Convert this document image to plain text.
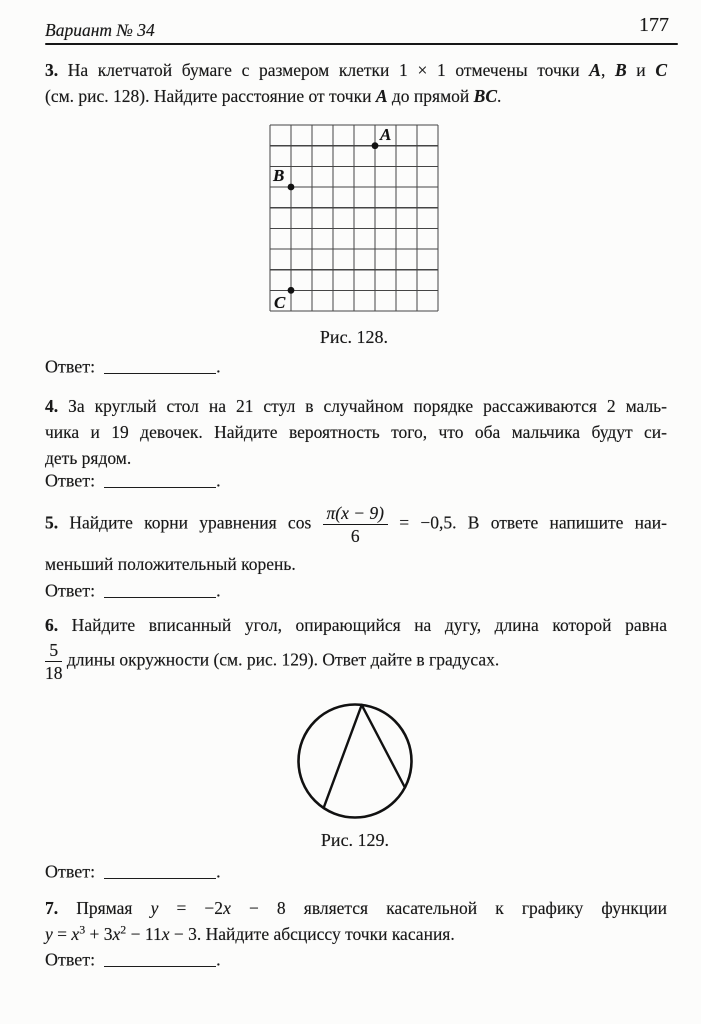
Вариант № 34	177
3. На клетчатой бумаге с размером клетки 1 × 1 отмечены точки A, B и C
(см. рис. 128). Найдите расстояние от точки A до прямой BC.
A
B
C
Рис. 128.
Ответ:	.
4. За круглый стол на 21 стул в случайном порядке рассаживаются 2 маль-
чика и 19 девочек. Найдите вероятность того, что оба мальчика будут си-
деть рядом.
Ответ:	.
5. Найдите корни уравнения $\cos \frac{\pi(x - 9)}{6} = -0,5$. В ответе напишите наи-
меньший положительный корень.
Ответ:	.
6. Найдите вписанный угол, опирающийся на дугу, длина которой равна
$\frac{5}{18}$ длины окружности (см. рис. 129). Ответ дайте в градусах.
Рис. 129.
Ответ:	.
7. Прямая y = −2x − 8 является касательной к графику функции
$y = x^3 + 3x^2 - 11x - 3$. Найдите абсциссу точки касания.
Ответ:	.
